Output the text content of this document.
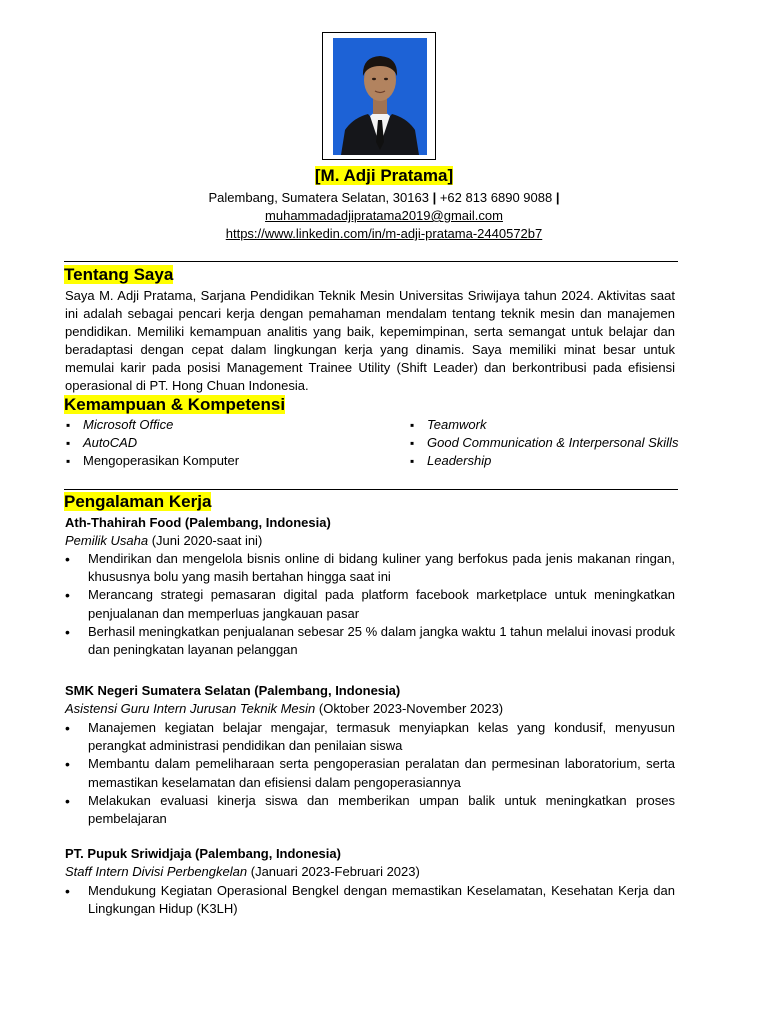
[M. Adji Pratama]
Palembang, Sumatera Selatan, 30163 | +62 813 6890 9088 |
muhammadadjipratama2019@gmail.com
https://www.linkedin.com/in/m-adji-pratama-2440572b7
Tentang Saya
Saya M. Adji Pratama, Sarjana Pendidikan Teknik Mesin Universitas Sriwijaya tahun 2024. Aktivitas saat ini adalah sebagai pencari kerja dengan pemahaman mendalam tentang teknik mesin dan manajemen pendidikan. Memiliki kemampuan analitis yang baik, kepemimpinan, serta semangat untuk belajar dan beradaptasi dengan cepat dalam lingkungan kerja yang dinamis. Saya memiliki minat besar untuk memulai karir pada posisi Management Trainee Utility (Shift Leader) dan berkontribusi pada efisiensi operasional di PT. Hong Chuan Indonesia.
Kemampuan & Kompetensi
▪ Microsoft Office
▪ AutoCAD
▪ Mengoperasikan Komputer
▪ Teamwork
▪ Good Communication & Interpersonal Skills
▪ Leadership
Pengalaman Kerja
Ath-Thahirah Food (Palembang, Indonesia)
Pemilik Usaha (Juni 2020-saat ini)
• Mendirikan dan mengelola bisnis online di bidang kuliner yang berfokus pada jenis makanan ringan, khususnya bolu yang masih bertahan hingga saat ini
• Merancang strategi pemasaran digital pada platform facebook marketplace untuk meningkatkan penjualanan dan memperluas jangkauan pasar
• Berhasil meningkatkan penjualanan sebesar 25 % dalam jangka waktu 1 tahun melalui inovasi produk dan peningkatan layanan pelanggan
SMK Negeri Sumatera Selatan (Palembang, Indonesia)
Asistensi Guru Intern Jurusan Teknik Mesin (Oktober 2023-November 2023)
• Manajemen kegiatan belajar mengajar, termasuk menyiapkan kelas yang kondusif, menyusun perangkat administrasi pendidikan dan penilaian siswa
• Membantu dalam pemeliharaan serta pengoperasian peralatan dan permesinan laboratorium, serta memastikan keselamatan dan efisiensi dalam pengoperasiannya
• Melakukan evaluasi kinerja siswa dan memberikan umpan balik untuk meningkatkan proses pembelajaran
PT. Pupuk Sriwidjaja (Palembang, Indonesia)
Staff Intern Divisi Perbengkelan (Januari 2023-Februari 2023)
• Mendukung Kegiatan Operasional Bengkel dengan memastikan Keselamatan, Kesehatan Kerja dan Lingkungan Hidup (K3LH)
